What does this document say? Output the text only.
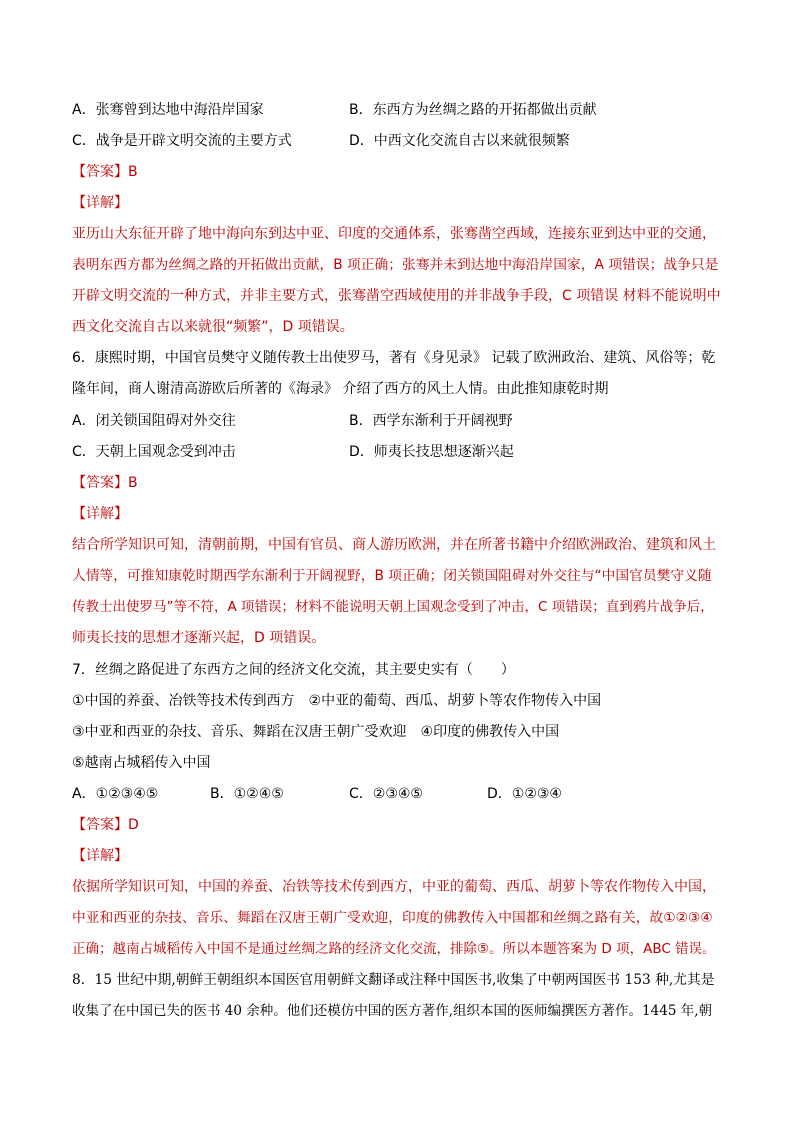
A．张骞曾到达地中海沿岸国家	B．东西方为丝绸之路的开拓都做出贡献
C．战争是开辟文明交流的主要方式	D．中西文化交流自古以来就很频繁
【答案】B
【详解】
亚历山大东征开辟了地中海向东到达中亚、印度的交通体系，张骞凿空西域，连接东亚到达中亚的交通，
表明东西方都为丝绸之路的开拓做出贡献，B 项正确；张骞并未到达地中海沿岸国家，A 项错误；战争只是
开辟文明交流的一种方式，并非主要方式，张骞凿空西域使用的并非战争手段，C 项错误 材料不能说明中
西文化交流自古以来就很“频繁”，D 项错误。
6．康熙时期，中国官员樊守义随传教士出使罗马，著有《身见录》 记载了欧洲政治、建筑、风俗等；乾
隆年间，商人谢清高游欧后所著的《海录》 介绍了西方的风土人情。由此推知康乾时期
A．闭关锁国阻碍对外交往	B．西学东渐利于开阔视野
C．天朝上国观念受到冲击	D．师夷长技思想逐渐兴起
【答案】B
【详解】
结合所学知识可知，清朝前期，中国有官员、商人游历欧洲，并在所著书籍中介绍欧洲政治、建筑和风土
人情等，可推知康乾时期西学东渐利于开阔视野，B 项正确；闭关锁国阻碍对外交往与“中国官员樊守义随
传教士出使罗马”等不符，A 项错误；材料不能说明天朝上国观念受到了冲击，C 项错误；直到鸦片战争后，
师夷长技的思想才逐渐兴起，D 项错误。
7．丝绸之路促进了东西方之间的经济文化交流，其主要史实有（　　）
①中国的养蚕、冶铁等技术传到西方　②中亚的葡萄、西瓜、胡萝卜等农作物传入中国
③中亚和西亚的杂技、音乐、舞蹈在汉唐王朝广受欢迎　④印度的佛教传入中国
⑤越南占城稻传入中国
A．①②③④⑤	B．①②④⑤	C．②③④⑤	D．①②③④
【答案】D
【详解】
依据所学知识可知，中国的养蚕、冶铁等技术传到西方，中亚的葡萄、西瓜、胡萝卜等农作物传入中国，
中亚和西亚的杂技、音乐、舞蹈在汉唐王朝广受欢迎，印度的佛教传入中国都和丝绸之路有关，故①②③④
正确；越南占城稻传入中国不是通过丝绸之路的经济文化交流，排除⑤。所以本题答案为 D 项，ABC 错误。
8．15 世纪中期,朝鲜王朝组织本国医官用朝鲜文翻译或注释中国医书,收集了中朝两国医书 153 种,尤其是
收集了在中国已失的医书 40 余种。他们还模仿中国的医方著作,组织本国的医师编撰医方著作。1445 年,朝
